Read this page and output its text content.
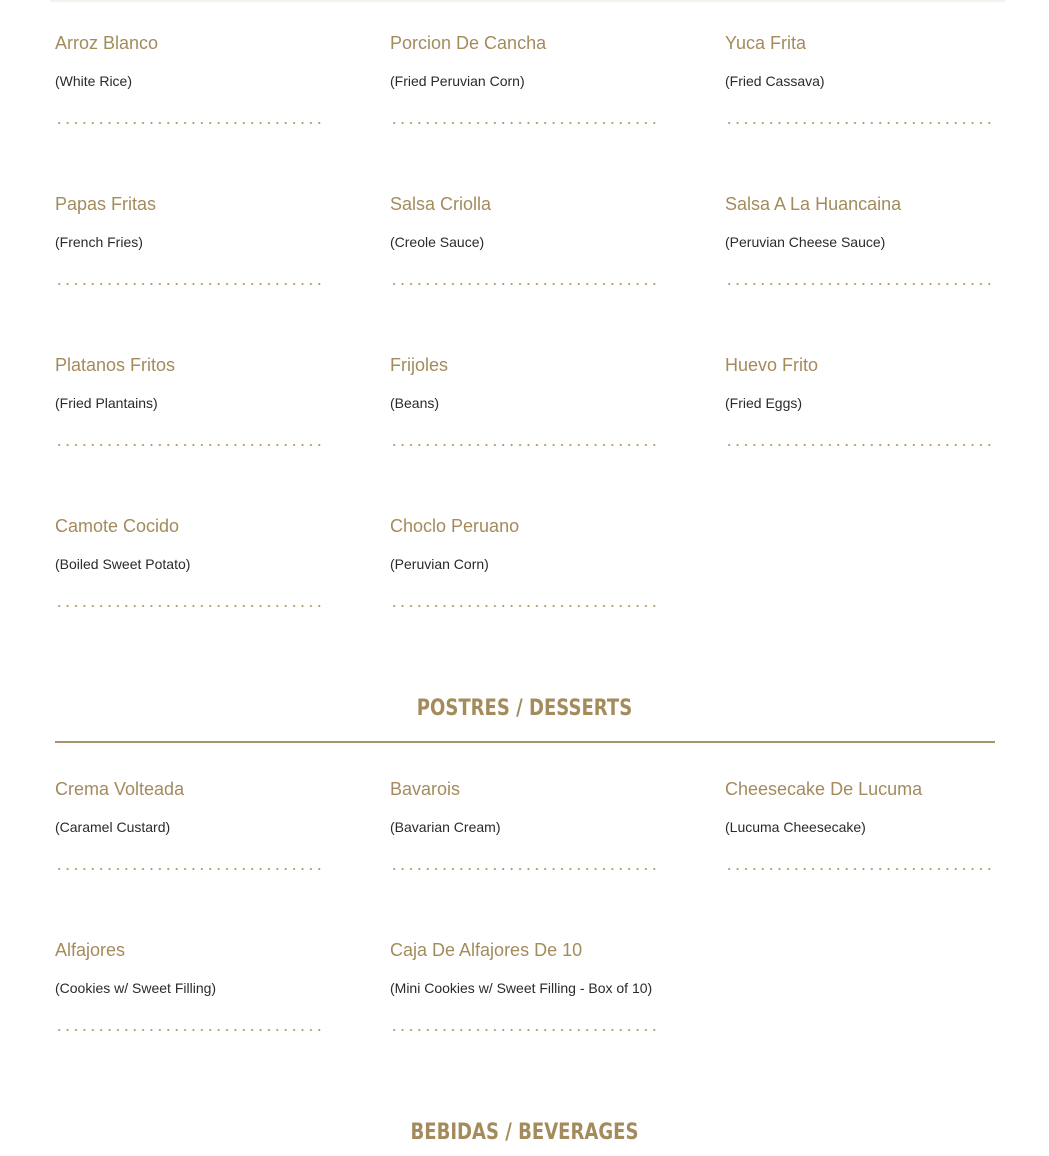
Arroz Blanco
(White Rice)
Porcion De Cancha
(Fried Peruvian Corn)
Yuca Frita
(Fried Cassava)
Papas Fritas
(French Fries)
Salsa Criolla
(Creole Sauce)
Salsa A La Huancaina
(Peruvian Cheese Sauce)
Platanos Fritos
(Fried Plantains)
Frijoles
(Beans)
Huevo Frito
(Fried Eggs)
Camote Cocido
(Boiled Sweet Potato)
Choclo Peruano
(Peruvian Corn)
POSTRES / DESSERTS
Crema Volteada
(Caramel Custard)
Bavarois
(Bavarian Cream)
Cheesecake De Lucuma
(Lucuma Cheesecake)
Alfajores
(Cookies w/ Sweet Filling)
Caja De Alfajores De 10
(Mini Cookies w/ Sweet Filling - Box of 10)
BEBIDAS / BEVERAGES
